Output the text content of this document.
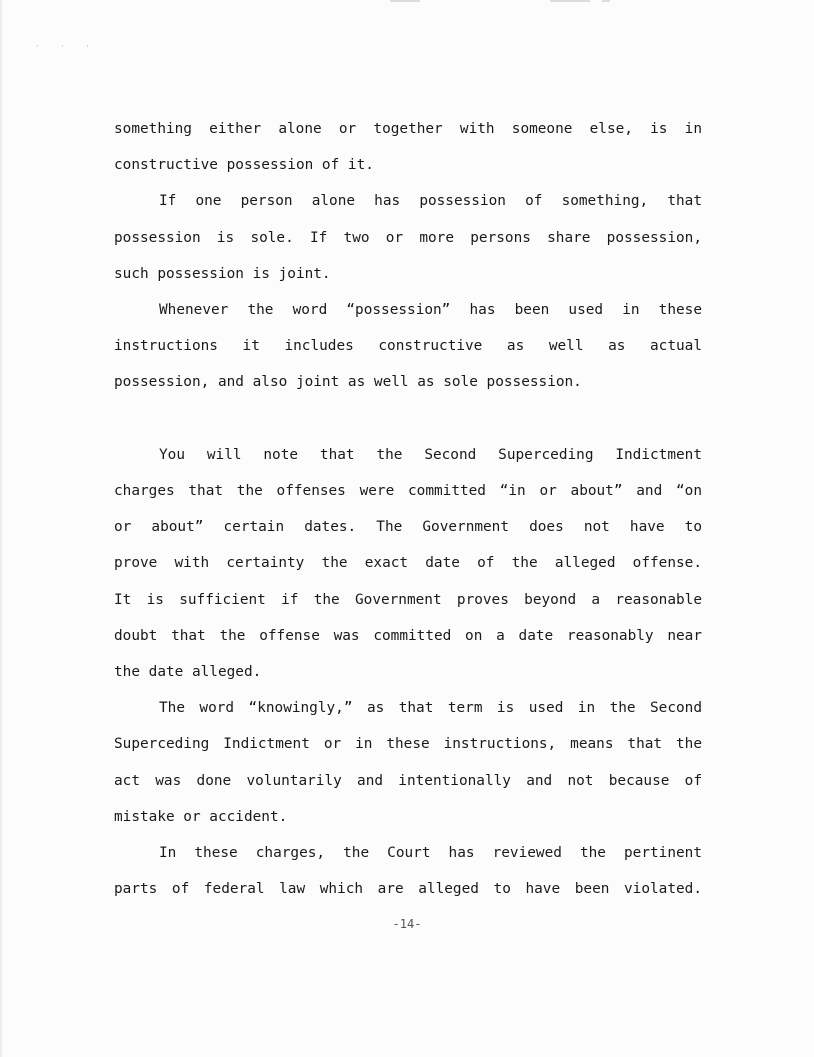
· · ·

something either alone or together with someone else, is in

constructive possession of it.

If one person alone has possession of something, that

possession is sole. If two or more persons share possession,

such possession is joint.

Whenever the word “possession” has been used in these

instructions it includes constructive as well as actual

possession, and also joint as well as sole possession.

You will note that the Second Superceding Indictment

charges that the offenses were committed “in or about” and “on

or about” certain dates. The Government does not have to

prove with certainty the exact date of the alleged offense.

It is sufficient if the Government proves beyond a reasonable

doubt that the offense was committed on a date reasonably near

the date alleged.

The word “knowingly,” as that term is used in the Second

Superceding Indictment or in these instructions, means that the

act was done voluntarily and intentionally and not because of

mistake or accident.

In these charges, the Court has reviewed the pertinent

parts of federal law which are alleged to have been violated.

-14-
